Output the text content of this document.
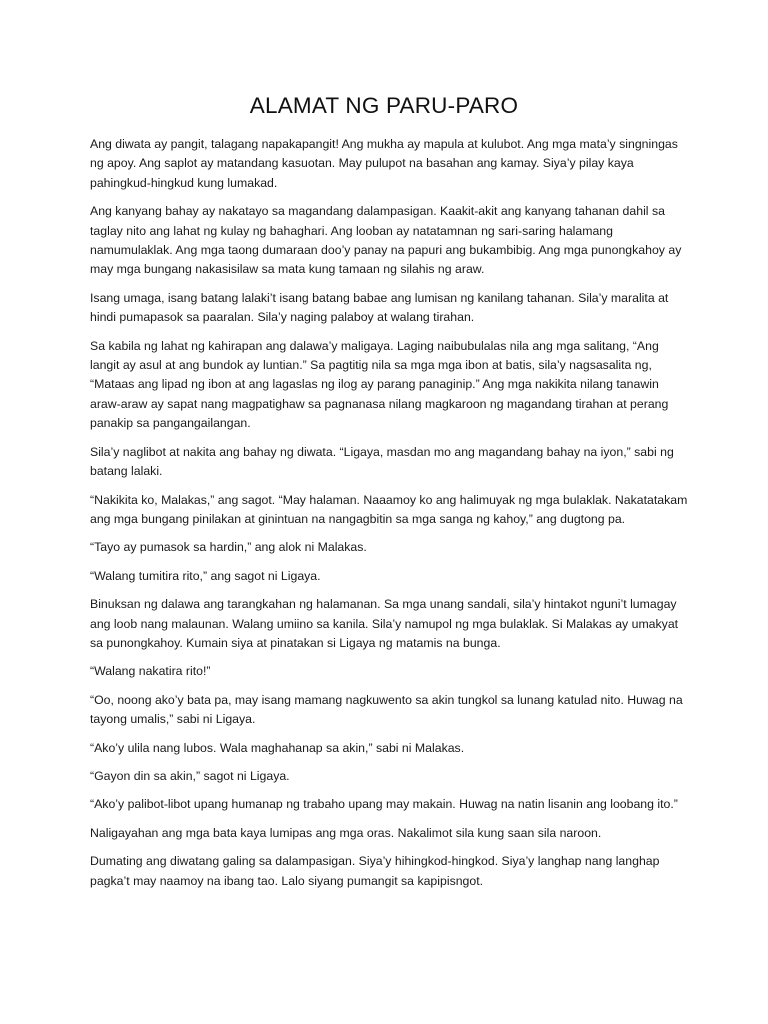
ALAMAT NG PARU-PARO

Ang diwata ay pangit, talagang napakapangit! Ang mukha ay mapula at kulubot. Ang mga mata’y singningas ng apoy. Ang saplot ay matandang kasuotan. May pulupot na basahan ang kamay. Siya’y pilay kaya pahingkud-hingkud kung lumakad.

Ang kanyang bahay ay nakatayo sa magandang dalampasigan. Kaakit-akit ang kanyang tahanan dahil sa taglay nito ang lahat ng kulay ng bahaghari. Ang looban ay natatamnan ng sari-saring halamang namumulaklak. Ang mga taong dumaraan doo’y panay na papuri ang bukambibig. Ang mga punongkahoy ay may mga bungang nakasisilaw sa mata kung tamaan ng silahis ng araw.

Isang umaga, isang batang lalaki’t isang batang babae ang lumisan ng kanilang tahanan. Sila’y maralita at hindi pumapasok sa paaralan. Sila’y naging palaboy at walang tirahan.

Sa kabila ng lahat ng kahirapan ang dalawa’y maligaya. Laging naibubulalas nila ang mga salitang, “Ang langit ay asul at ang bundok ay luntian.” Sa pagtitig nila sa mga mga ibon at batis, sila’y nagsasalita ng, “Mataas ang lipad ng ibon at ang lagaslas ng ilog ay parang panaginip.” Ang mga nakikita nilang tanawin araw-araw ay sapat nang magpatighaw sa pagnanasa nilang magkaroon ng magandang tirahan at perang panakip sa pangangailangan.

Sila’y naglibot at nakita ang bahay ng diwata. “Ligaya, masdan mo ang magandang bahay na iyon,” sabi ng batang lalaki.

“Nakikita ko, Malakas,” ang sagot. “May halaman. Naaamoy ko ang halimuyak ng mga bulaklak. Nakatatakam ang mga bungang pinilakan at ginintuan na nangagbitin sa mga sanga ng kahoy,” ang dugtong pa.

“Tayo ay pumasok sa hardin,” ang alok ni Malakas.

“Walang tumitira rito,” ang sagot ni Ligaya.

Binuksan ng dalawa ang tarangkahan ng halamanan. Sa mga unang sandali, sila’y hintakot nguni’t lumagay ang loob nang malaunan. Walang umiino sa kanila. Sila’y namupol ng mga bulaklak. Si Malakas ay umakyat sa punongkahoy. Kumain siya at pinatakan si Ligaya ng matamis na bunga.

“Walang nakatira rito!”

“Oo, noong ako’y bata pa, may isang mamang nagkuwento sa akin tungkol sa lunang katulad nito. Huwag na tayong umalis,” sabi ni Ligaya.

“Ako’y ulila nang lubos. Wala maghahanap sa akin,” sabi ni Malakas.

“Gayon din sa akin,” sagot ni Ligaya.

“Ako’y palibot-libot upang humanap ng trabaho upang may makain. Huwag na natin lisanin ang loobang ito.”

Naligayahan ang mga bata kaya lumipas ang mga oras. Nakalimot sila kung saan sila naroon.

Dumating ang diwatang galing sa dalampasigan. Siya’y hihingkod-hingkod. Siya’y langhap nang langhap pagka’t may naamoy na ibang tao. Lalo siyang pumangit sa kapipisngot.
